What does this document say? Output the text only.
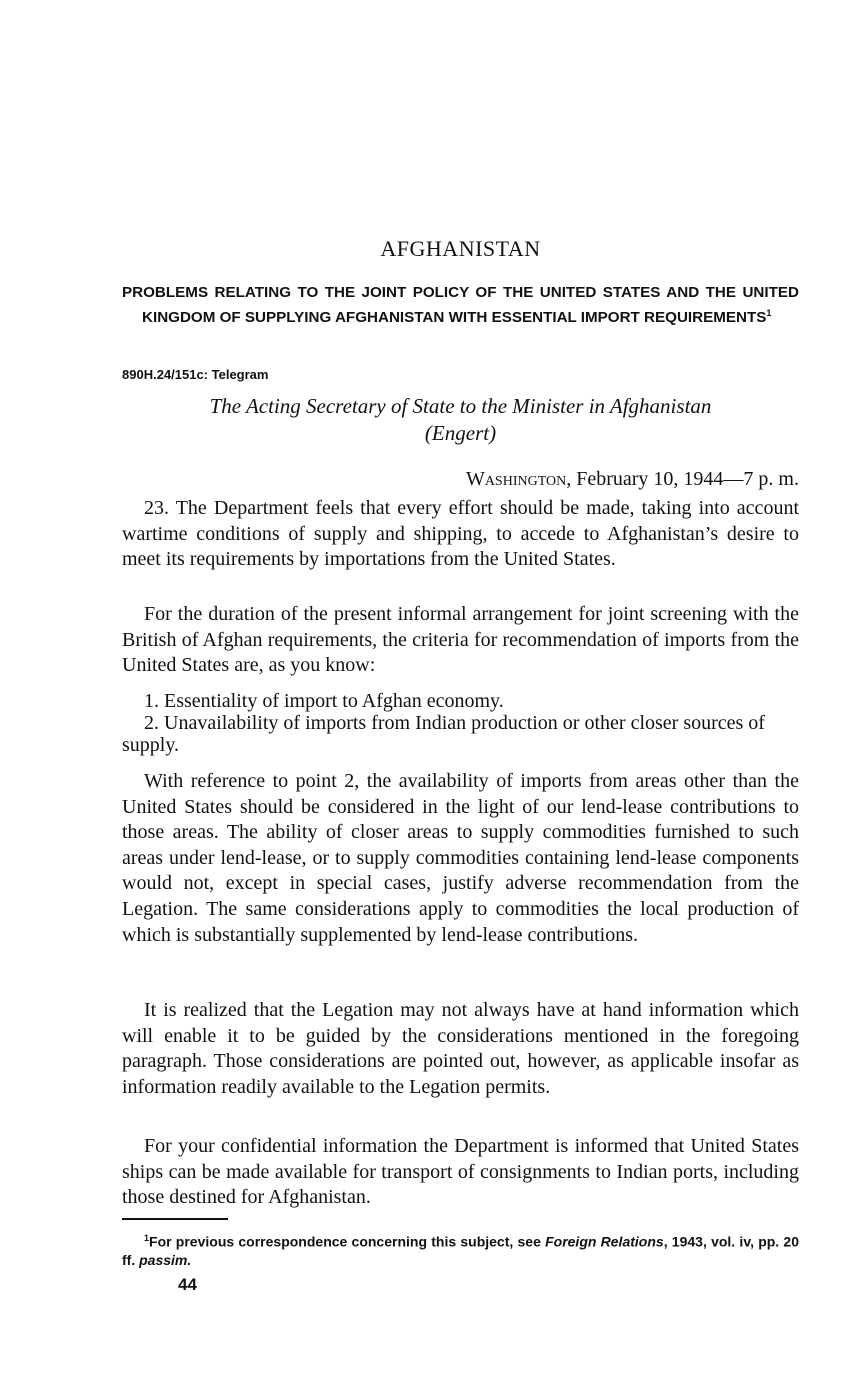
AFGHANISTAN
PROBLEMS RELATING TO THE JOINT POLICY OF THE UNITED STATES AND THE UNITED KINGDOM OF SUPPLYING AFGHANISTAN WITH ESSENTIAL IMPORT REQUIREMENTS$^1$
890H.24/151c: Telegram
The Acting Secretary of State to the Minister in Afghanistan
(Engert)
Washington, February 10, 1944—7 p. m.

23. The Department feels that every effort should be made, taking into account wartime conditions of supply and shipping, to accede to Afghanistan’s desire to meet its requirements by importations from the United States.

For the duration of the present informal arrangement for joint screening with the British of Afghan requirements, the criteria for recommendation of imports from the United States are, as you know:

1. Essentiality of import to Afghan economy.

2. Unavailability of imports from Indian production or other closer sources of supply.

With reference to point 2, the availability of imports from areas other than the United States should be considered in the light of our lend-lease contributions to those areas. The ability of closer areas to supply commodities furnished to such areas under lend-lease, or to supply commodities containing lend-lease components would not, except in special cases, justify adverse recommendation from the Legation. The same considerations apply to commodities the local production of which is substantially supplemented by lend-lease contributions.

It is realized that the Legation may not always have at hand information which will enable it to be guided by the considerations mentioned in the foregoing paragraph. Those considerations are pointed out, however, as applicable insofar as information readily available to the Legation permits.

For your confidential information the Department is informed that United States ships can be made available for transport of consignments to Indian ports, including those destined for Afghanistan.

$^1$For previous correspondence concerning this subject, see Foreign Relations, 1943, vol. iv, pp. 20 ff. passim.
44
